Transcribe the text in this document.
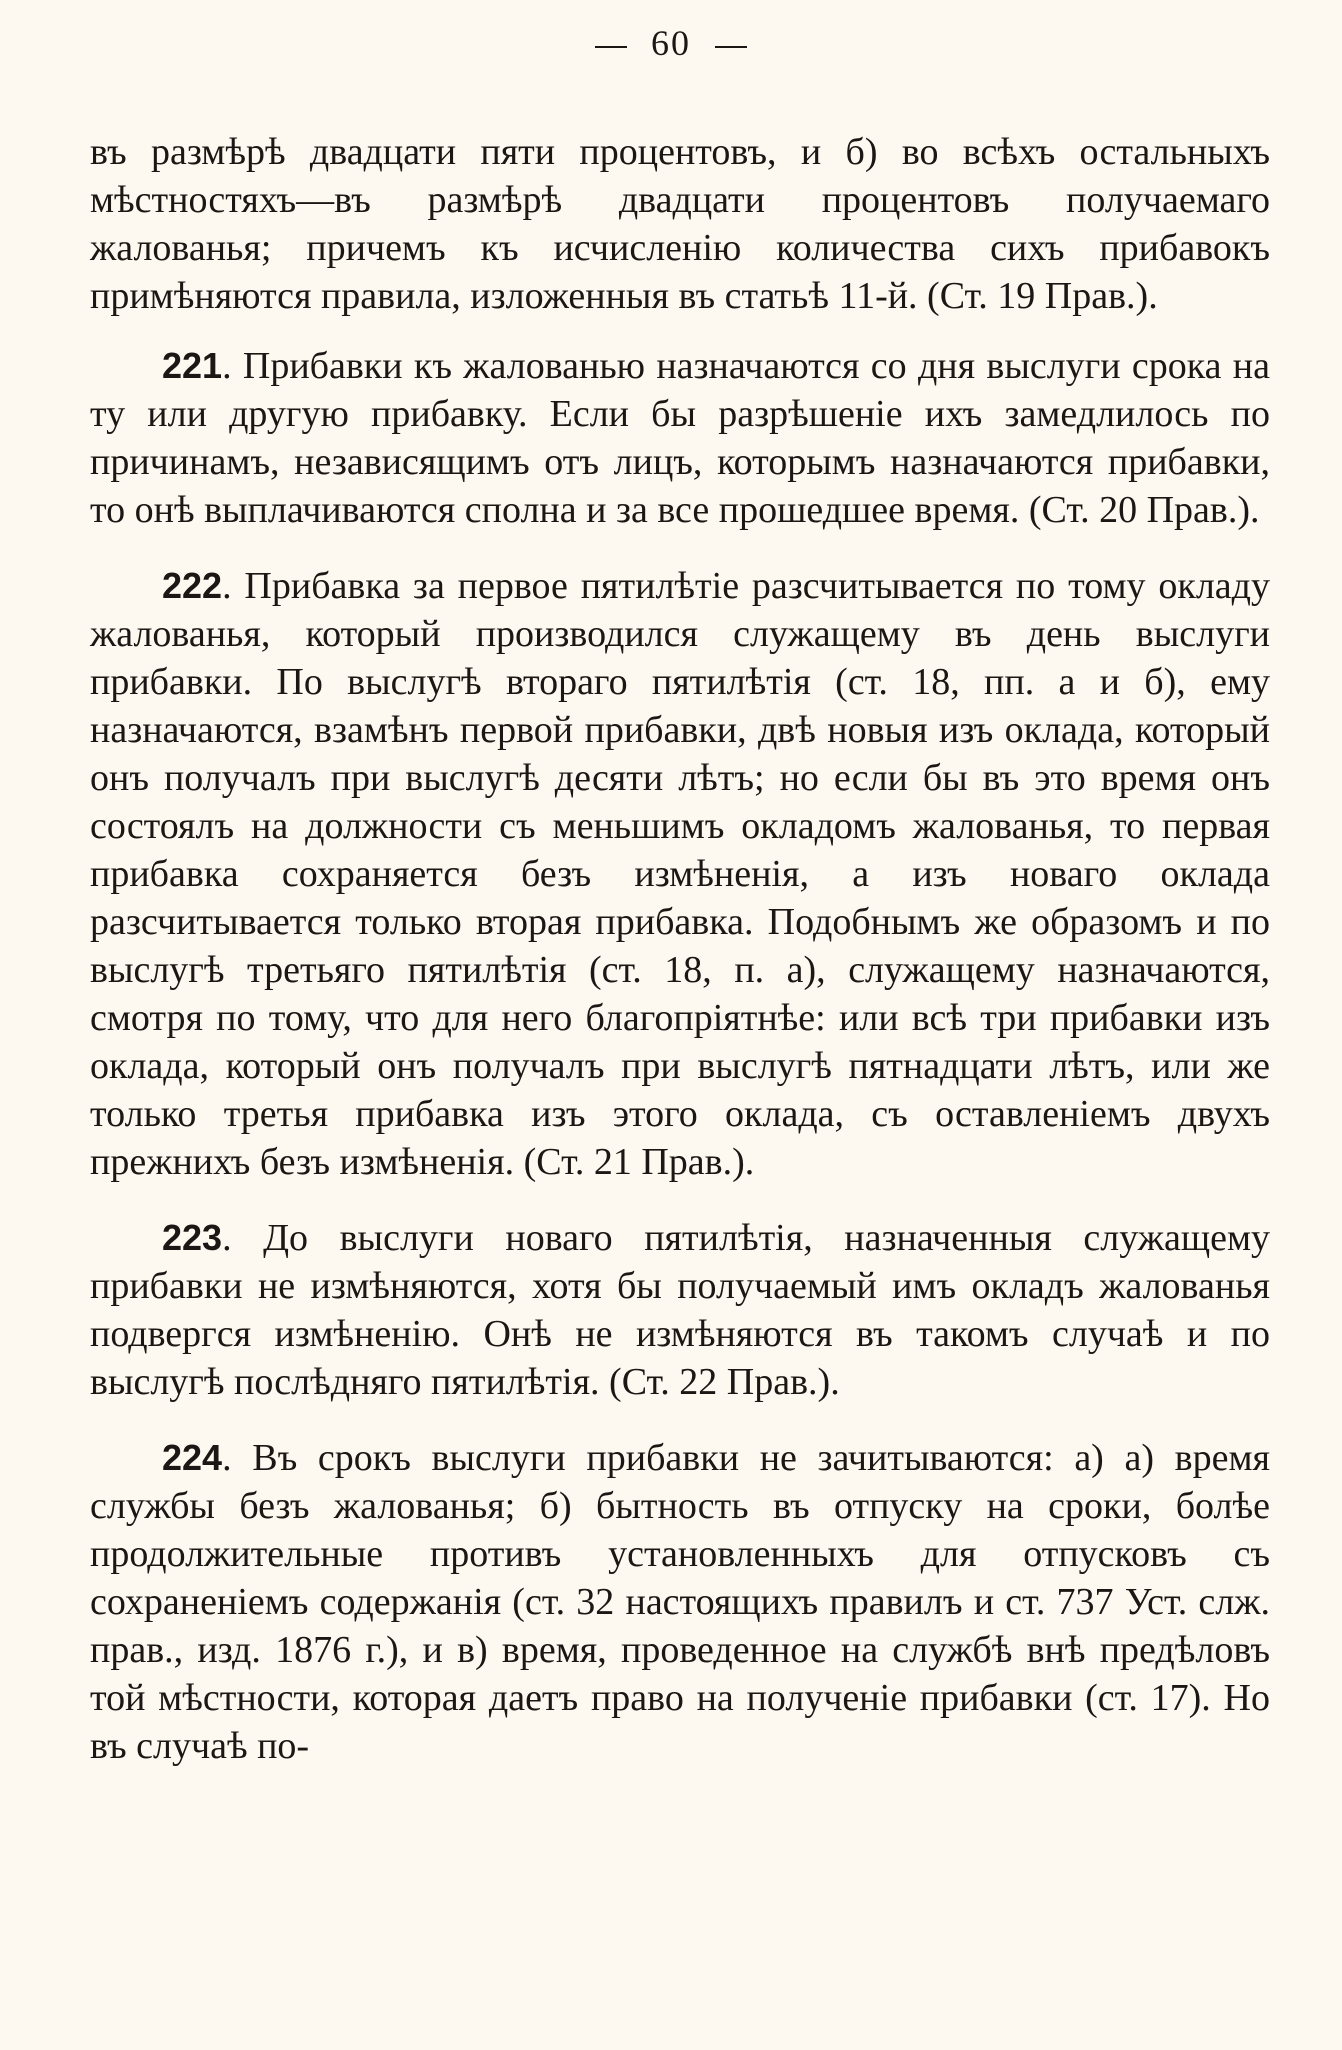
60

въ размѣрѣ двадцати пяти процентовъ, и б) во всѣхъ остальныхъ мѣстностяхъ—въ размѣрѣ двадцати процентовъ получаемаго жалованья; причемъ къ исчисленію количества сихъ прибавокъ примѣняются правила, изложенныя въ статьѣ 11-й. (Ст. 19 Прав.).

221. Прибавки къ жалованью назначаются со дня выслуги срока на ту или другую прибавку. Если бы разрѣшеніе ихъ замедлилось по причинамъ, независящимъ отъ лицъ, которымъ назначаются прибавки, то онѣ выплачиваются сполна и за все прошедшее время. (Ст. 20 Прав.).

222. Прибавка за первое пятилѣтіе разсчитывается по тому окладу жалованья, который производился служащему въ день выслуги прибавки. По выслугѣ втораго пятилѣтія (ст. 18, пп. а и б), ему назначаются, взамѣнъ первой прибавки, двѣ новыя изъ оклада, который онъ получалъ при выслугѣ десяти лѣтъ; но если бы въ это время онъ состоялъ на должности съ меньшимъ окладомъ жалованья, то первая прибавка сохраняется безъ измѣненія, а изъ новаго оклада разсчитывается только вторая прибавка. Подобнымъ же образомъ и по выслугѣ третьяго пятилѣтія (ст. 18, п. а), служащему назначаются, смотря по тому, что для него благопріятнѣе: или всѣ три прибавки изъ оклада, который онъ получалъ при выслугѣ пятнадцати лѣтъ, или же только третья прибавка изъ этого оклада, съ оставленіемъ двухъ прежнихъ безъ измѣненія. (Ст. 21 Прав.).

223. До выслуги новаго пятилѣтія, назначенныя служащему прибавки не измѣняются, хотя бы получаемый имъ окладъ жалованья подвергся измѣненію. Онѣ не измѣняются въ такомъ случаѣ и по выслугѣ послѣдняго пятилѣтія. (Ст. 22 Прав.).

224. Въ срокъ выслуги прибавки не зачитываются: а) а) время службы безъ жалованья; б) бытность въ отпуску на сроки, болѣе продолжительные противъ установленныхъ для отпусковъ съ сохраненіемъ содержанія (ст. 32 настоящихъ правилъ и ст. 737 Уст. слж. прав., изд. 1876 г.), и в) время, проведенное на службѣ внѣ предѣловъ той мѣстности, которая даетъ право на полученіе прибавки (ст. 17). Но въ случаѣ по-
